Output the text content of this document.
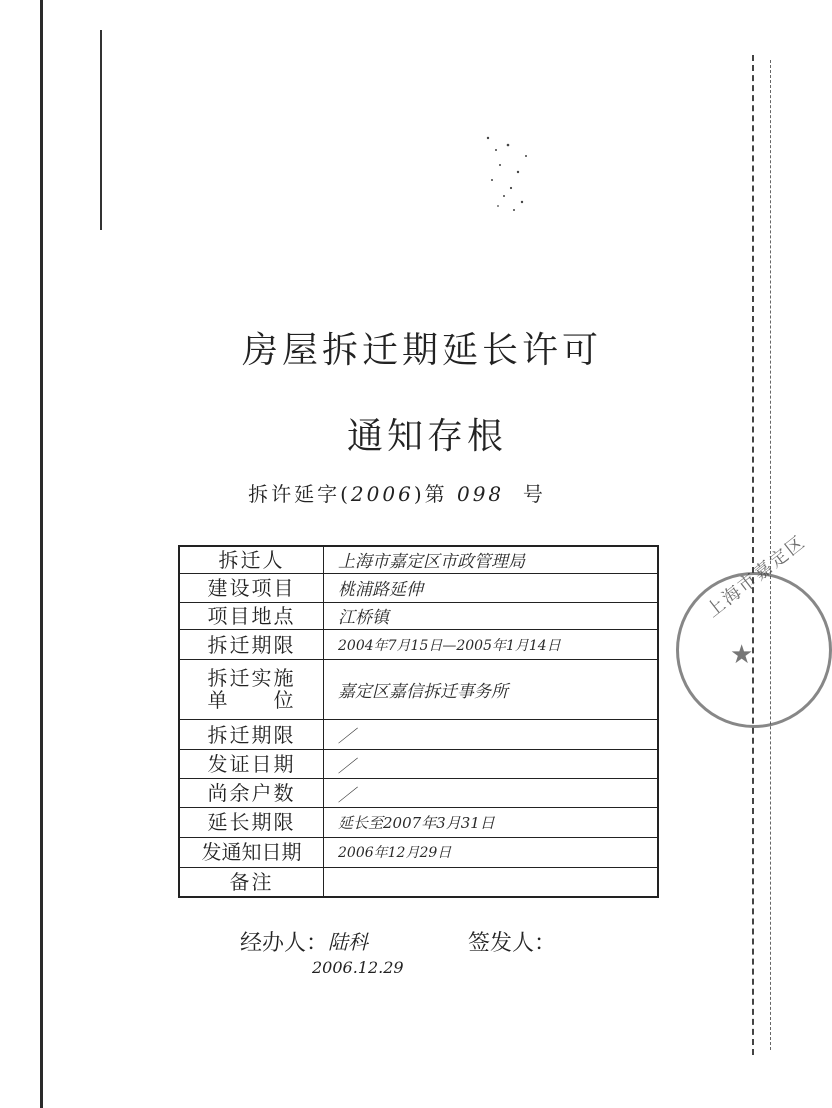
房屋拆迁期延长许可
通知存根
拆许延字(2006)第 098 号
拆迁人	上海市嘉定区市政管理局
建设项目	桃浦路延伸
项目地点	江桥镇
拆迁期限	2004年7月15日—2005年1月14日

拆迁实施
单　　位	嘉定区嘉信拆迁事务所
拆迁期限	／
发证日期	／
尚余户数	／
延长期限	延长至2007年3月31日
发通知日期	2006年12月29日
备注	
上海市嘉定区
★
经办人： 陆科
2006.12.29
签发人：
